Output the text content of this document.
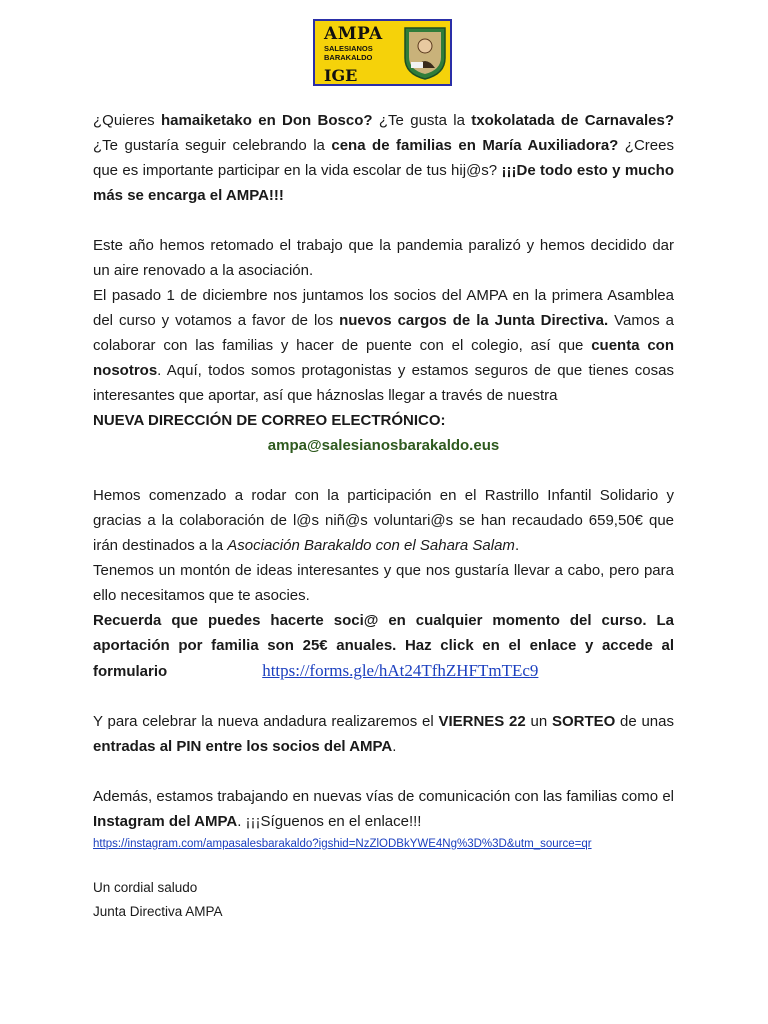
AMPA
SALESIANOS
BARAKALDO
IGE

¿Quieres hamaiketako en Don Bosco? ¿Te gusta la txokolatada de Carnavales?¿Te gustaría seguir celebrando la cena de familias en María Auxiliadora? ¿Crees que es importante participar en la vida escolar de tus hij@s? ¡¡¡De todo esto y mucho más se encarga el AMPA!!!

Este año hemos retomado el trabajo que la pandemia paralizó y hemos decidido dar un aire renovado a la asociación.

El pasado 1 de diciembre nos juntamos los socios del AMPA en la primera Asamblea del curso y votamos a favor de los nuevos cargos de la Junta Directiva. Vamos a colaborar con las familias y hacer de puente con el colegio, así que cuenta con nosotros. Aquí, todos somos protagonistas y estamos seguros de que tienes cosas interesantes que aportar, así que háznoslas llegar a través de nuestra

NUEVA DIRECCIÓN DE CORREO ELECTRÓNICO:

ampa@salesianosbarakaldo.eus

Hemos comenzado a rodar con la participación en el Rastrillo Infantil Solidario y gracias a la colaboración de l@s niñ@s voluntari@s se han recaudado 659,50€ que irán destinados a la Asociación Barakaldo con el Sahara Salam.

Tenemos un montón de ideas interesantes y que nos gustaría llevar a cabo, pero para ello necesitamos que te asocies.

Recuerda que puedes hacerte soci@ en cualquier momento del curso. La aportación por familia son 25€ anuales. Haz click en el enlace y accede al formulario	https://forms.gle/hAt24TfhZHFTmTEc9

Y para celebrar la nueva andadura realizaremos el VIERNES 22 un SORTEO de unas entradas al PIN entre los socios del AMPA.

Además, estamos trabajando en nuevas vías de comunicación con las familias como el Instagram del AMPA. ¡¡¡Síguenos en el enlace!!!

https://instagram.com/ampasalesbarakaldo?igshid=NzZlODBkYWE4Ng%3D%3D&utm_source=qr

Un cordial saludo

Junta Directiva AMPA
